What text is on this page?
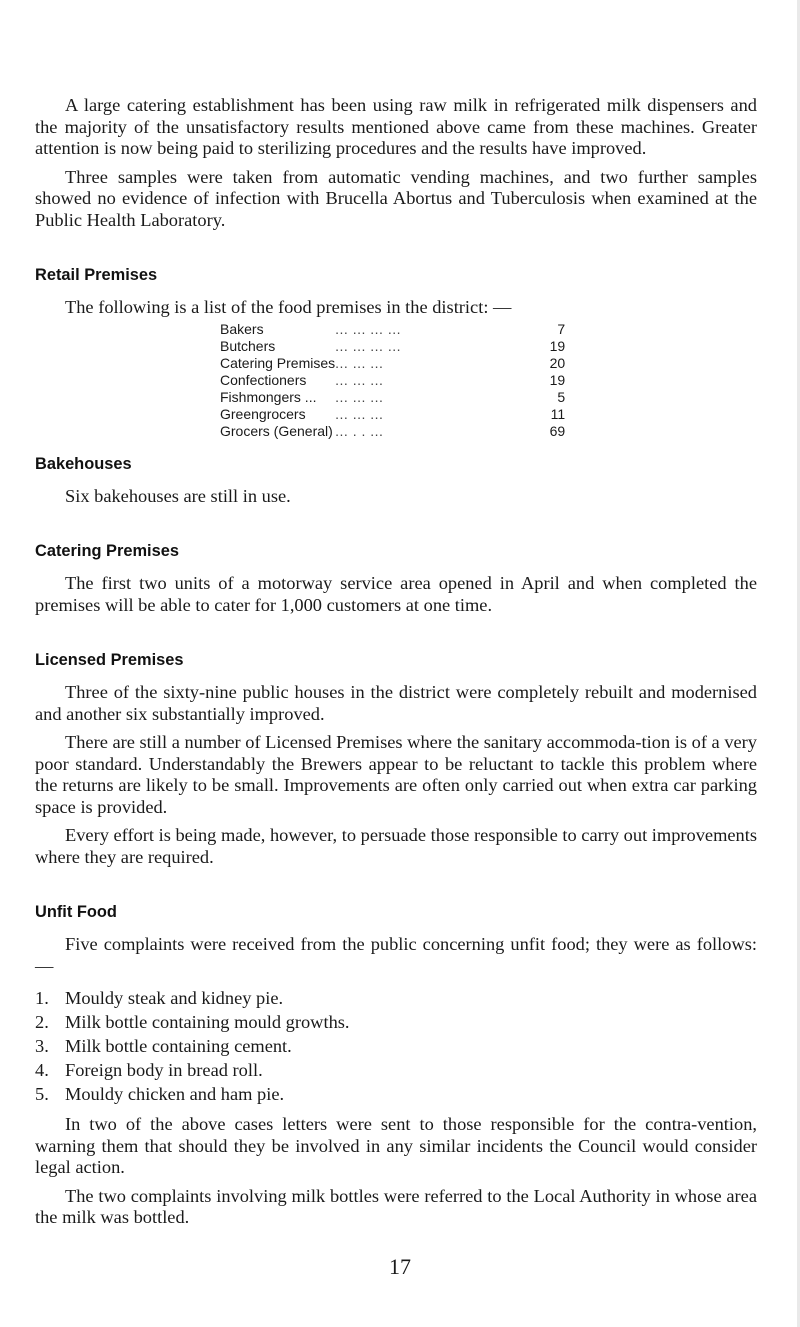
A large catering establishment has been using raw milk in refrigerated milk dispensers and the majority of the unsatisfactory results mentioned above came from these machines. Greater attention is now being paid to sterilizing procedures and the results have improved.

Three samples were taken from automatic vending machines, and two further samples showed no evidence of infection with Brucella Abortus and Tuberculosis when examined at the Public Health Laboratory.

Retail Premises

The following is a list of the food premises in the district: —

Bakers	... ... ... ...	7
Butchers	... ... ... ...	19
Catering Premises	... ... ...	20
Confectioners	... ... ...	19
Fishmongers ...	... ... ...	5
Greengrocers	... ... ...	11
Grocers (General)	... . . ...	69
Bakehouses

Six bakehouses are still in use.

Catering Premises

The first two units of a motorway service area opened in April and when completed the premises will be able to cater for 1,000 customers at one time.

Licensed Premises

Three of the sixty-nine public houses in the district were completely rebuilt and modernised and another six substantially improved.

There are still a number of Licensed Premises where the sanitary accommoda-tion is of a very poor standard. Understandably the Brewers appear to be reluctant to tackle this problem where the returns are likely to be small. Improvements are often only carried out when extra car parking space is provided.

Every effort is being made, however, to persuade those responsible to carry out improvements where they are required.

Unfit Food

Five complaints were received from the public concerning unfit food; they were as follows: —

1. Mouldy steak and kidney pie.
2. Milk bottle containing mould growths.
3. Milk bottle containing cement.
4. Foreign body in bread roll.
5. Mouldy chicken and ham pie.

In two of the above cases letters were sent to those responsible for the contra-vention, warning them that should they be involved in any similar incidents the Council would consider legal action.

The two complaints involving milk bottles were referred to the Local Authority in whose area the milk was bottled.

17
